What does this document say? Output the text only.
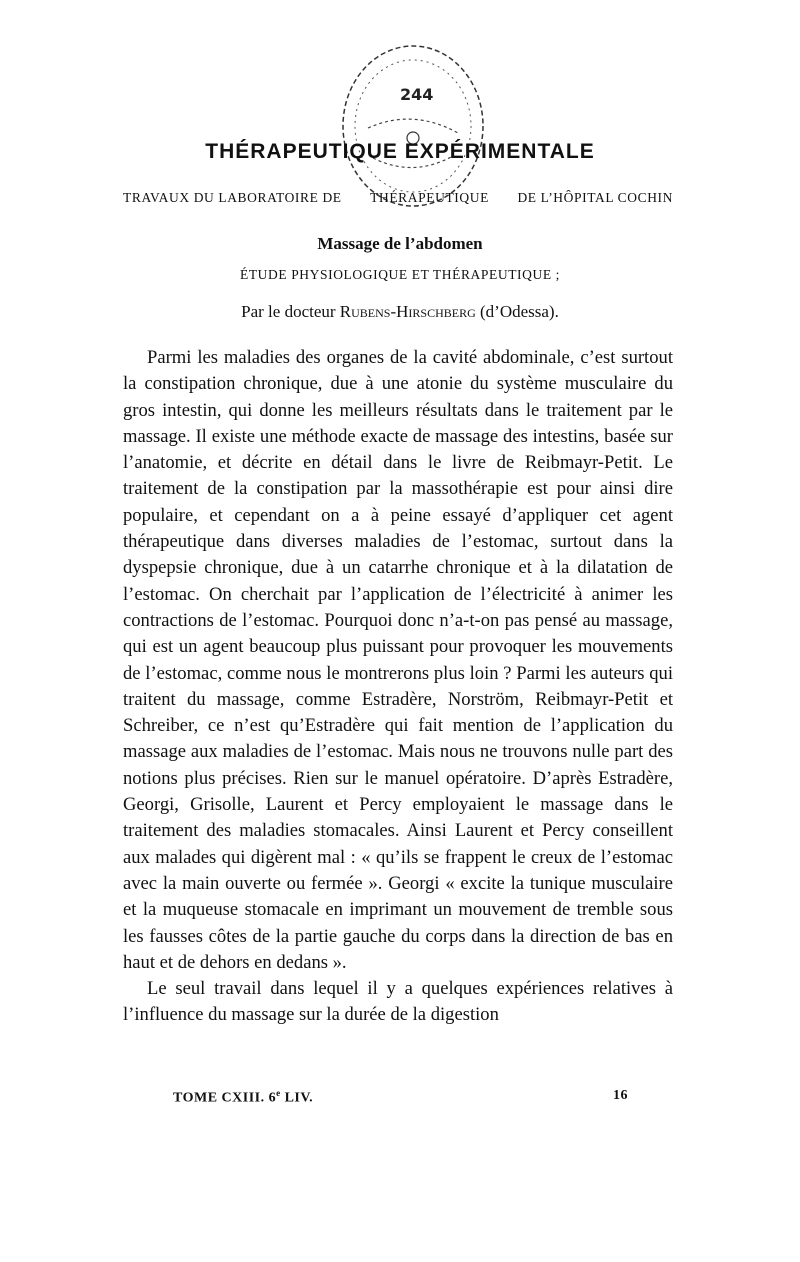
244
THÉRAPEUTIQUE EXPÉRIMENTALE
TRAVAUX DU LABORATOIRE DE THÉRAPEUTIQUE DE L’HÔPITAL COCHIN
Massage de l’abdomen
ÉTUDE PHYSIOLOGIQUE ET THÉRAPEUTIQUE ;
Par le docteur Rubens-Hirschberg (d’Odessa).

Parmi les maladies des organes de la cavité abdominale, c’est surtout la constipation chronique, due à une atonie du système musculaire du gros intestin, qui donne les meilleurs résultats dans le traitement par le massage. Il existe une méthode exacte de massage des intestins, basée sur l’anatomie, et décrite en détail dans le livre de Reibmayr-Petit. Le traitement de la constipation par la massothérapie est pour ainsi dire populaire, et cependant on a à peine essayé d’appliquer cet agent thérapeutique dans diverses maladies de l’estomac, surtout dans la dyspepsie chronique, due à un catarrhe chronique et à la dilatation de l’estomac. On cherchait par l’application de l’électricité à animer les contractions de l’estomac. Pourquoi donc n’a-t-on pas pensé au massage, qui est un agent beaucoup plus puissant pour provoquer les mouvements de l’estomac, comme nous le montrerons plus loin ? Parmi les auteurs qui traitent du massage, comme Estradère, Norström, Reibmayr-Petit et Schreiber, ce n’est qu’Estradère qui fait mention de l’application du massage aux maladies de l’estomac. Mais nous ne trouvons nulle part des notions plus précises. Rien sur le manuel opératoire. D’après Estradère, Georgi, Grisolle, Laurent et Percy employaient le massage dans le traitement des maladies stomacales. Ainsi Laurent et Percy conseillent aux malades qui digèrent mal : « qu’ils se frappent le creux de l’estomac avec la main ouverte ou fermée ». Georgi « excite la tunique musculaire et la muqueuse stomacale en imprimant un mouvement de tremble sous les fausses côtes de la partie gauche du corps dans la direction de bas en haut et de dehors en dedans ».

Le seul travail dans lequel il y a quelques expériences relatives à l’influence du massage sur la durée de la digestion

TOME CXIII. 6e LIV.	16
